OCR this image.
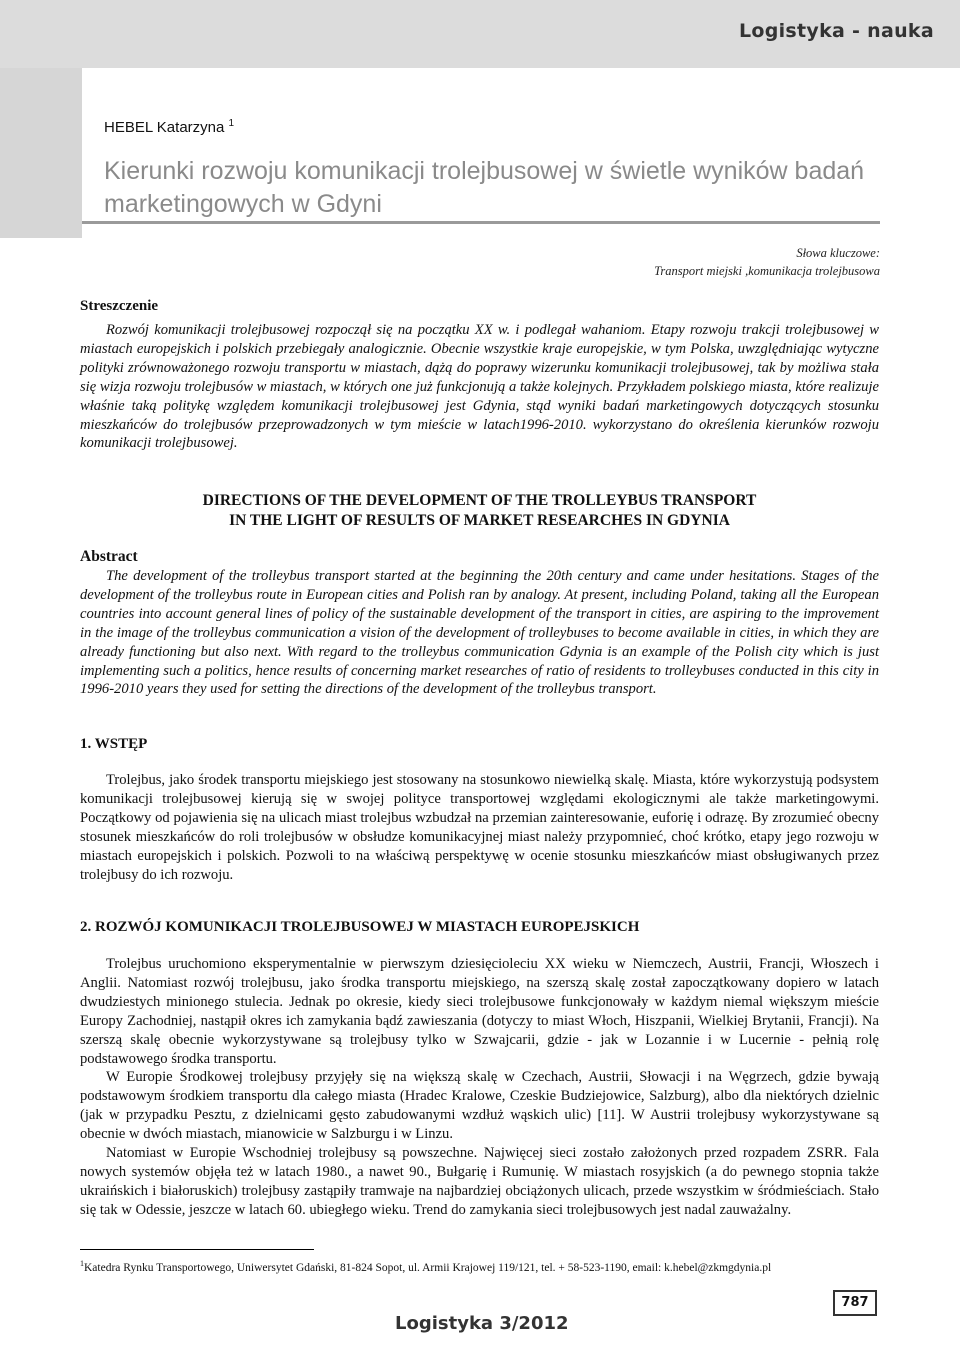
Logistyka - nauka
HEBEL Katarzyna $^1$
Kierunki rozwoju komunikacji trolejbusowej w świetle wyników badań marketingowych w Gdyni
Słowa kluczowe:
Transport miejski ,komunikacja trolejbusowa
Streszczenie
Rozwój komunikacji trolejbusowej rozpoczął się na początku XX w. i podlegał wahaniom. Etapy rozwoju trakcji trolejbusowej w miastach europejskich i polskich przebiegały analogicznie. Obecnie wszystkie kraje europejskie, w tym Polska, uwzględniając wytyczne polityki zrównoważonego rozwoju transportu w miastach, dążą do poprawy wizerunku komunikacji trolejbusowej, tak by możliwa stała się wizja rozwoju trolejbusów w miastach, w których one już funkcjonują a także kolejnych. Przykładem polskiego miasta, które realizuje właśnie taką politykę względem komunikacji trolejbusowej jest Gdynia, stąd wyniki badań marketingowych dotyczących stosunku mieszkańców do trolejbusów przeprowadzonych w tym mieście w latach1996-2010. wykorzystano do określenia kierunków rozwoju komunikacji trolejbusowej.
DIRECTIONS OF THE DEVELOPMENT OF THE TROLLEYBUS TRANSPORT
IN THE LIGHT OF RESULTS OF MARKET RESEARCHES IN GDYNIA
Abstract
The development of the trolleybus transport started at the beginning the 20th century and came under hesitations. Stages of the development of the trolleybus route in European cities and Polish ran by analogy. At present, including Poland, taking all the European countries into account general lines of policy of the sustainable development of the transport in cities, are aspiring to the improvement in the image of the trolleybus communication a vision of the development of trolleybuses to become available in cities, in which they are already functioning but also next. With regard to the trolleybus communication Gdynia is an example of the Polish city which is just implementing such a politics, hence results of concerning market researches of ratio of residents to trolleybuses conducted in this city in 1996-2010 years they used for setting the directions of the development of the trolleybus transport.
1. WSTĘP
Trolejbus, jako środek transportu miejskiego jest stosowany na stosunkowo niewielką skalę. Miasta, które wykorzystują podsystem komunikacji trolejbusowej kierują się w swojej polityce transportowej względami ekologicznymi ale także marketingowymi. Początkowy od pojawienia się na ulicach miast trolejbus wzbudzał na przemian zainteresowanie, euforię i odrazę. By zrozumieć obecny stosunek mieszkańców do roli trolejbusów w obsłudze komunikacyjnej miast należy przypomnieć, choć krótko, etapy jego rozwoju w miastach europejskich i polskich. Pozwoli to na właściwą perspektywę w ocenie stosunku mieszkańców miast obsługiwanych przez trolejbusy do ich rozwoju.
2. ROZWÓJ KOMUNIKACJI TROLEJBUSOWEJ W MIASTACH EUROPEJSKICH

Trolejbus uruchomiono eksperymentalnie w pierwszym dziesięcioleciu XX wieku w Niemczech, Austrii, Francji, Włoszech i Anglii. Natomiast rozwój trolejbusu, jako środka transportu miejskiego, na szerszą skalę został zapoczątkowany dopiero w latach dwudziestych minionego stulecia. Jednak po okresie, kiedy sieci trolejbusowe funkcjonowały w każdym niemal większym mieście Europy Zachodniej, nastąpił okres ich zamykania bądź zawieszania (dotyczy to miast Włoch, Hiszpanii, Wielkiej Brytanii, Francji). Na szerszą skalę obecnie wykorzystywane są trolejbusy tylko w Szwajcarii, gdzie - jak w Lozannie i w Lucernie - pełnią rolę podstawowego środka transportu.

W Europie Środkowej trolejbusy przyjęły się na większą skalę w Czechach, Austrii, Słowacji i na Węgrzech, gdzie bywają podstawowym środkiem transportu dla całego miasta (Hradec Kralowe, Czeskie Budziejowice, Salzburg), albo dla niektórych dzielnic (jak w przypadku Pesztu, z dzielnicami gęsto zabudowanymi wzdłuż wąskich ulic) [11]. W Austrii trolejbusy wykorzystywane są obecnie w dwóch miastach, mianowicie w Salzburgu i w Linzu.

Natomiast w Europie Wschodniej trolejbusy są powszechne. Najwięcej sieci zostało założonych przed rozpadem ZSRR. Fala nowych systemów objęła też w latach 1980., a nawet 90., Bułgarię i Rumunię. W miastach rosyjskich (a do pewnego stopnia także ukraińskich i białoruskich) trolejbusy zastąpiły tramwaje na najbardziej obciążonych ulicach, przede wszystkim w śródmieściach. Stało się tak w Odessie, jeszcze w latach 60. ubiegłego wieku. Trend do zamykania sieci trolejbusowych jest nadal zauważalny.

$^1$Katedra Rynku Transportowego, Uniwersytet Gdański, 81-824 Sopot, ul. Armii Krajowej 119/121, tel. + 58-523-1190, email: k.hebel@zkmgdynia.pl
787
Logistyka 3/2012
